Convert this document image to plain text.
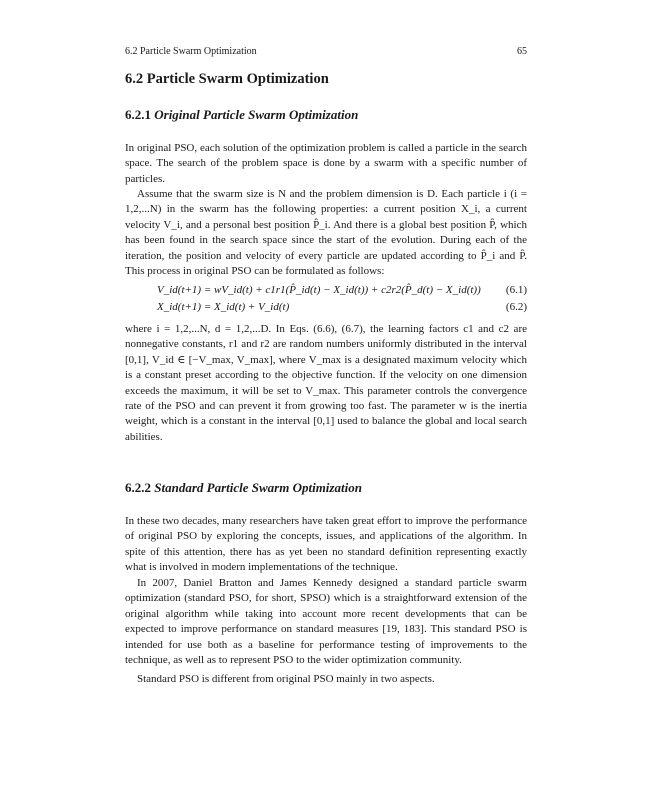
6.2 Particle Swarm Optimization	65
6.2 Particle Swarm Optimization
6.2.1 Original Particle Swarm Optimization

In original PSO, each solution of the optimization problem is called a particle in the search space. The search of the problem space is done by a swarm with a specific number of particles.

Assume that the swarm size is N and the problem dimension is D. Each particle i (i = 1,2,...N) in the swarm has the following properties: a current position X_i, a current velocity V_i, and a personal best position P̂_i. And there is a global best position P̂, which has been found in the search space since the start of the evolution. During each of the iteration, the position and velocity of every particle are updated according to P̂_i and P̂. This process in original PSO can be formulated as follows:

V_id(t+1) = wV_id(t) + c1r1(P̂_id(t) − X_id(t)) + c2r2(P̂_d(t) − X_id(t)) (6.1)
X_id(t+1) = X_id(t) + V_id(t)	(6.2)

where i = 1,2,...N, d = 1,2,...D. In Eqs. (6.6), (6.7), the learning factors c1 and c2 are nonnegative constants, r1 and r2 are random numbers uniformly distributed in the interval [0,1], V_id ∈ [−V_max, V_max], where V_max is a designated maximum velocity which is a constant preset according to the objective function. If the velocity on one dimension exceeds the maximum, it will be set to V_max. This parameter controls the convergence rate of the PSO and can prevent it from growing too fast. The parameter w is the inertia weight, which is a constant in the interval [0,1] used to balance the global and local search abilities.

6.2.2 Standard Particle Swarm Optimization

In these two decades, many researchers have taken great effort to improve the performance of original PSO by exploring the concepts, issues, and applications of the algorithm. In spite of this attention, there has as yet been no standard definition representing exactly what is involved in modern implementations of the technique.

In 2007, Daniel Bratton and James Kennedy designed a standard particle swarm optimization (standard PSO, for short, SPSO) which is a straightforward extension of the original algorithm while taking into account more recent developments that can be expected to improve performance on standard measures [19, 183]. This standard PSO is intended for use both as a baseline for performance testing of improvements to the technique, as well as to represent PSO to the wider optimization community.

Standard PSO is different from original PSO mainly in two aspects.
